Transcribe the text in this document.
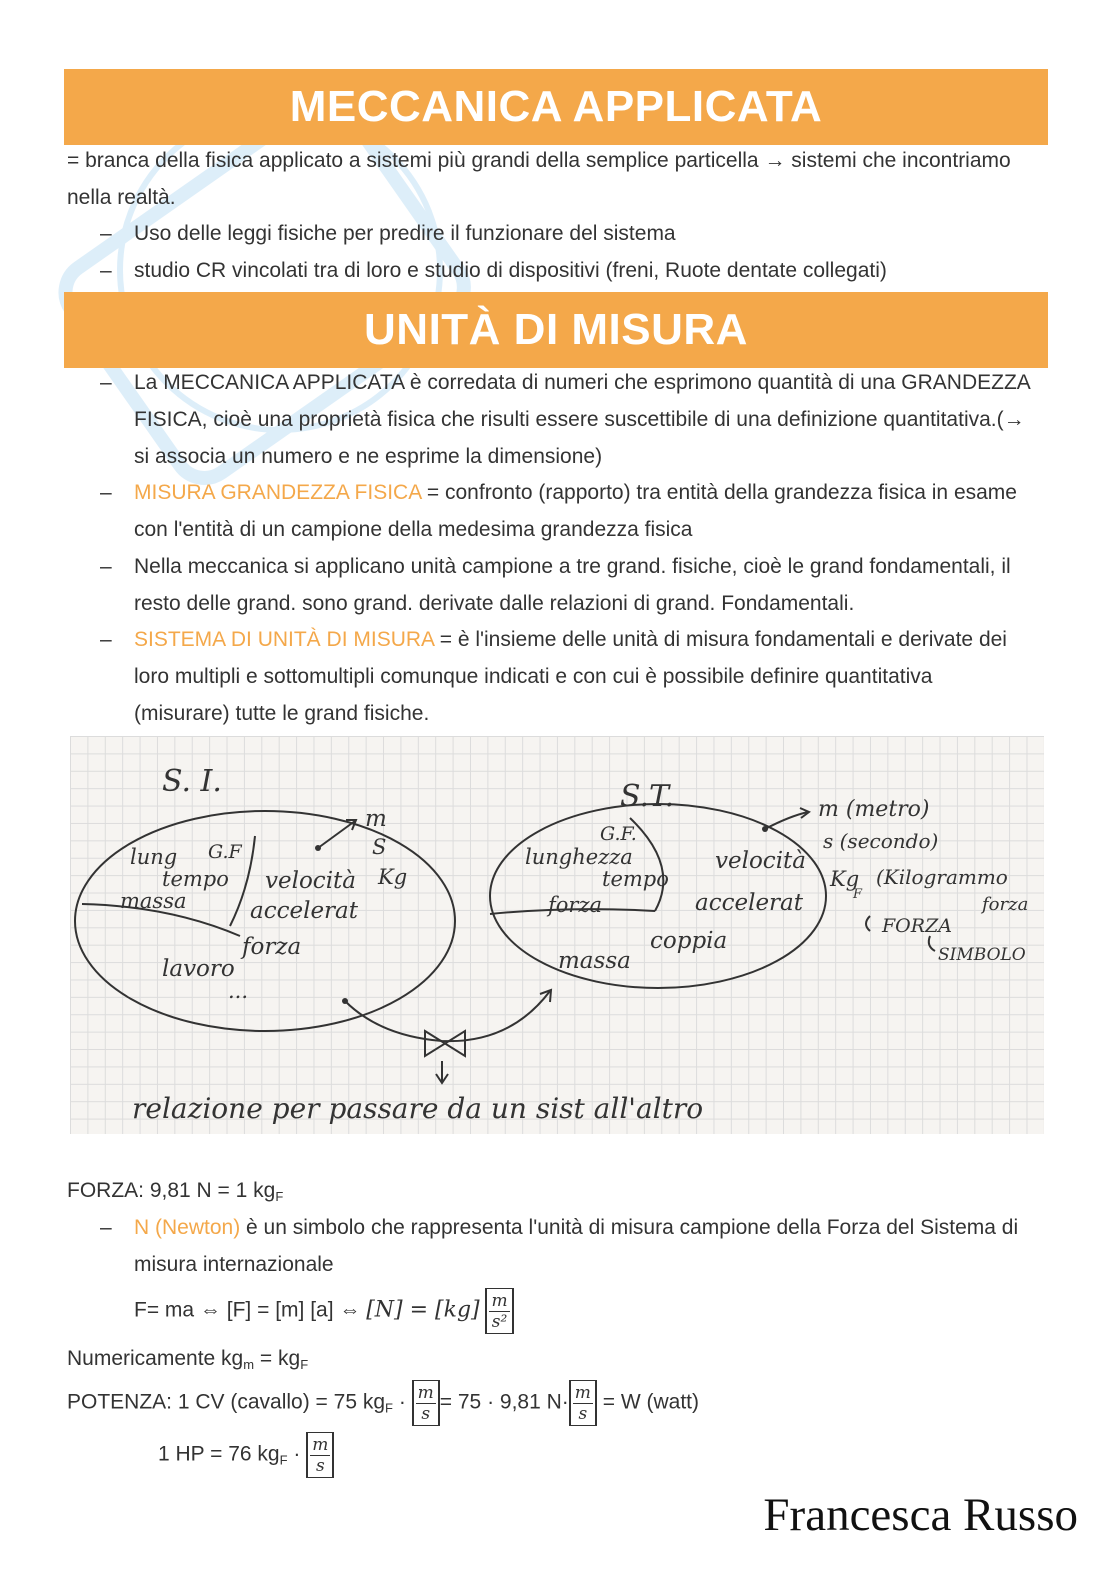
MECCANICA APPLICATA
= branca della fisica applicato a sistemi più grandi della semplice particella → sistemi che incontriamo nella realtà.
– Uso delle leggi fisiche per predire il funzionare del sistema
– studio CR vincolati tra di loro e studio di dispositivi (freni, Ruote dentate collegati)
UNITÀ DI MISURA
– La MECCANICA APPLICATA è corredata di numeri che esprimono quantità di una GRANDEZZA FISICA, cioè una proprietà fisica che risulti essere suscettibile di una definizione quantitativa.(→ si associa un numero e ne esprime la dimensione)
– MISURA GRANDEZZA FISICA = confronto (rapporto) tra entità della grandezza fisica in esame con l'entità di un campione della medesima grandezza fisica
– Nella meccanica si applicano unità campione a tre grand. fisiche, cioè le grand fondamentali, il resto delle grand. sono grand. derivate dalle relazioni di grand. Fondamentali.
– SISTEMA DI UNITÀ DI MISURA = è l'insieme delle unità di misura fondamentali e derivate dei loro multipli e sottomultipli comunque indicati e con cui è possibile definire quantitativa (misurare) tutte le grand fisiche.
S. I.	S.T.
G.F
G.F.
lung
tempo
massa
m
S
Kg
velocità
accelerat
forza
lavoro
...
lunghezza
tempo
forza
velocità
accelerat
coppia
massa
m (metro)
s (secondo)
Kg
F
(Kilogrammo
forza
FORZA
SIMBOLO
relazione per passare da un sist all'altro
FORZA: 9,81 N = 1 $kg_F$
– N (Newton) è un simbolo che rappresenta l'unità di misura campione della Forza del Sistema di misura internazionale
F= ma ⇔ [F] = [m] [a] ⇔ $[N] = [kg] \frac{m}{\text{s²}}$
Numericamente $kg_m = kg_F$
POTENZA: 1 CV (cavallo) = 75 $kg_F \cdot \frac{m}{s} = 75 \cdot 9,81$ $N\cdot \frac{m}{s} = W$ (watt)
1 HP = 76 $kg_F \cdot \frac{m}{s}$
Francesca Russo
